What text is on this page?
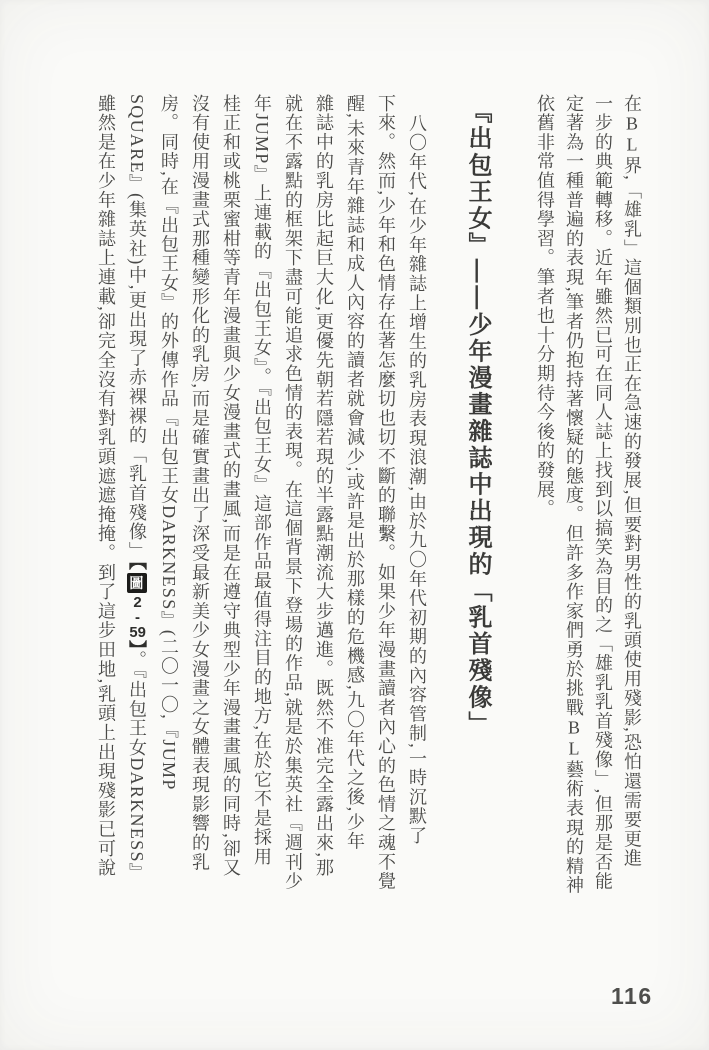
在BL界,「雄乳」這個類別也正在急速的發展,但要對男性的乳頭使用殘影,恐怕還需要更進
一步的典範轉移。近年雖然已可在同人誌上找到以搞笑為目的之「雄乳乳首殘像」,但那是否能
定著為一種普遍的表現,筆者仍抱持著懷疑的態度。但許多作家們勇於挑戰BL藝術表現的精神
依舊非常值得學習。筆者也十分期待今後的發展。
『出包王女』——少年漫畫雜誌中出現的「乳首殘像」
八〇年代,在少年雜誌上增生的乳房表現浪潮,由於九〇年代初期的內容管制,一時沉默了
下來。然而,少年和色情存在著怎麼切也切不斷的聯繫。如果少年漫畫讀者內心的色情之魂不覺
醒,未來青年雜誌和成人內容的讀者就會減少;或許是出於那樣的危機感,九〇年代之後,少年
雜誌中的乳房比起巨大化,更優先朝若隱若現的半露點潮流大步邁進。既然不准完全露出來,那
就在不露點的框架下盡可能追求色情的表現。在這個背景下登場的作品,就是於集英社『週刊少
年JUMP』上連載的『出包王女』。『出包王女』這部作品最值得注目的地方,在於它不是採用
桂正和或桃栗蜜柑等青年漫畫與少女漫畫式的畫風,而是在遵守典型少年漫畫畫風的同時,卻又
沒有使用漫畫式那種變形化的乳房,而是確實畫出了深受最新美少女漫畫之女體表現影響的乳
房。同時,在『出包王女』的外傳作品『出包王女DARKNESS』(二〇一〇,『JUMP
SQUARE』(集英社)中,更出現了赤裸裸的「乳首殘像」【圖2-59】。『出包王女DARKNESS』
雖然是在少年雜誌上連載,卻完全沒有對乳頭遮遮掩掩。到了這步田地,乳頭上出現殘影已可說
116
